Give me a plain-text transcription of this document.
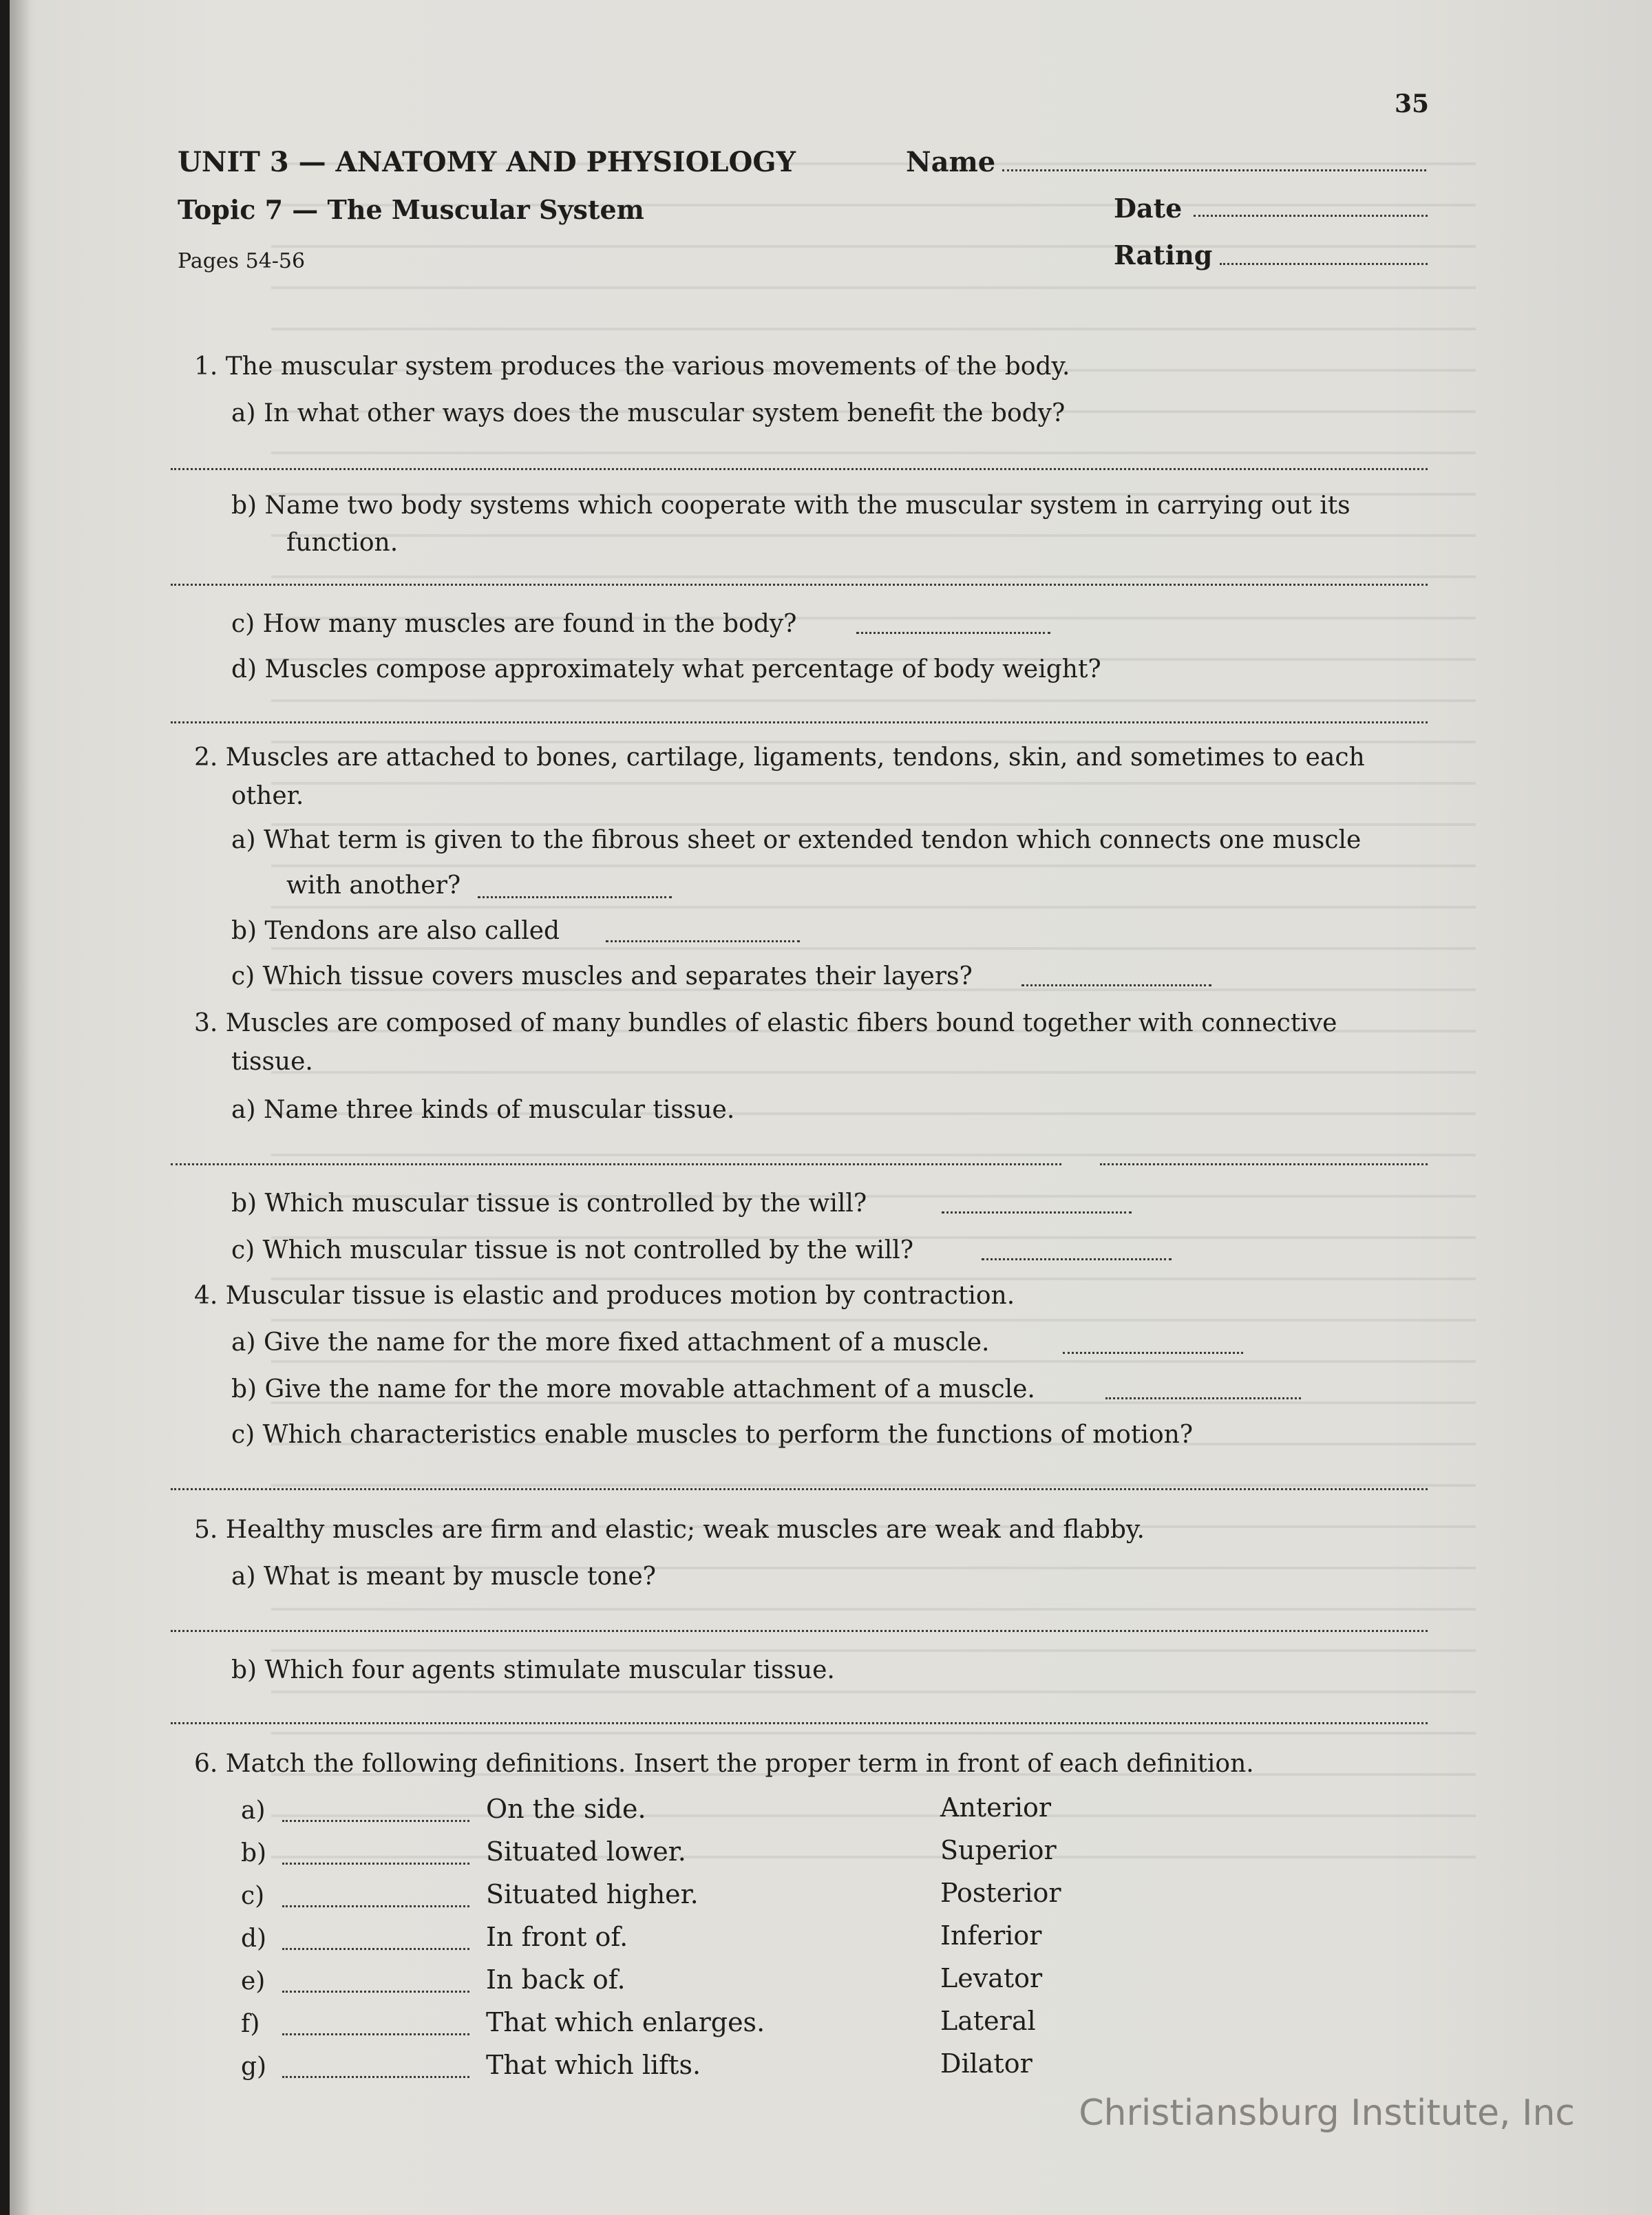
35
UNIT 3 — ANATOMY AND PHYSIOLOGY	Name
Topic 7 — The Muscular System	Date
Pages 54-56	Rating
1. The muscular system produces the various movements of the body.
a) In what other ways does the muscular system benefit the body?
b) Name two body systems which cooperate with the muscular system in carrying out its
function.
c) How many muscles are found in the body?
d) Muscles compose approximately what percentage of body weight?
2. Muscles are attached to bones, cartilage, ligaments, tendons, skin, and sometimes to each
other.
a) What term is given to the fibrous sheet or extended tendon which connects one muscle
with another?
b) Tendons are also called
c) Which tissue covers muscles and separates their layers?
3. Muscles are composed of many bundles of elastic fibers bound together with connective
tissue.
a) Name three kinds of muscular tissue.
b) Which muscular tissue is controlled by the will?
c) Which muscular tissue is not controlled by the will?
4. Muscular tissue is elastic and produces motion by contraction.
a) Give the name for the more fixed attachment of a muscle.
b) Give the name for the more movable attachment of a muscle.
c) Which characteristics enable muscles to perform the functions of motion?
5. Healthy muscles are firm and elastic; weak muscles are weak and flabby.
a) What is meant by muscle tone?
b) Which four agents stimulate muscular tissue.
6. Match the following definitions. Insert the proper term in front of each definition.
a)	On the side.	Anterior
b)	Situated lower.	Superior
c)	Situated higher.	Posterior
d)	In front of.	Inferior
e)	In back of.	Levator
f)	That which enlarges.	Lateral
g)	That which lifts.	Dilator
Christiansburg Institute, Inc
